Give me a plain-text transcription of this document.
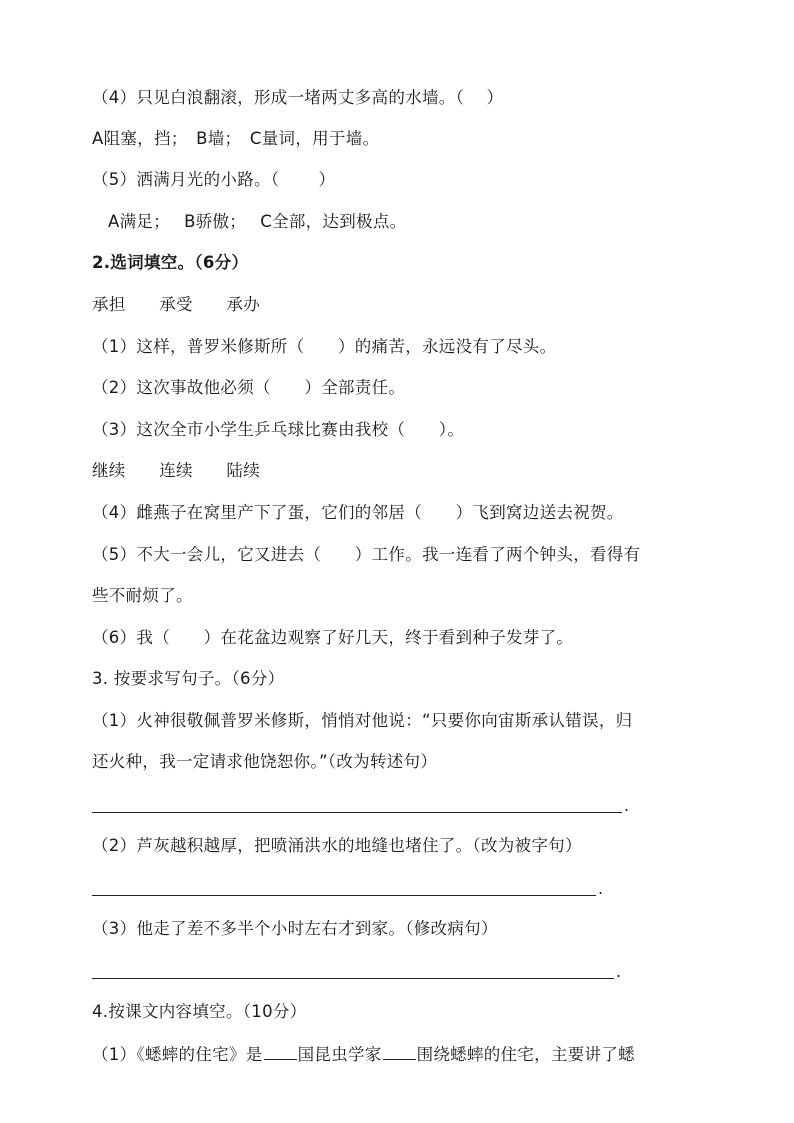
（4）只见白浪翻滚，形成一堵两丈多高的水墙。（　 ）
A阻塞，挡；　B墙；　C量词，用于墙。
（5）洒满月光的小路。（　　 ）
A满足；　 B骄傲；　 C全部，达到极点。
2.选词填空。（6分）
承担　　承受　　承办
（1）这样，普罗米修斯所（　　）的痛苦，永远没有了尽头。
（2）这次事故他必须（　　）全部责任。
（3）这次全市小学生乒乓球比赛由我校（　　）。
继续　　连续　　陆续
（4）雌燕子在窝里产下了蛋，它们的邻居（　　）飞到窝边送去祝贺。
（5）不大一会儿，它又进去（　　）工作。我一连看了两个钟头，看得有
些不耐烦了。
（6）我（　　）在花盆边观察了好几天，终于看到种子发芽了。
3. 按要求写句子。（6分）
（1）火神很敬佩普罗米修斯，悄悄对他说：“只要你向宙斯承认错误，归
还火种，我一定请求他饶恕你。”（改为转述句）
.
（2）芦灰越积越厚，把喷涌洪水的地缝也堵住了。（改为被字句）
.
（3）他走了差不多半个小时左右才到家。（修改病句）
.
4.按课文内容填空。（10分）
（1）《蟋蟀的住宅》是 国昆虫学家 围绕蟋蟀的住宅，主要讲了蟋
